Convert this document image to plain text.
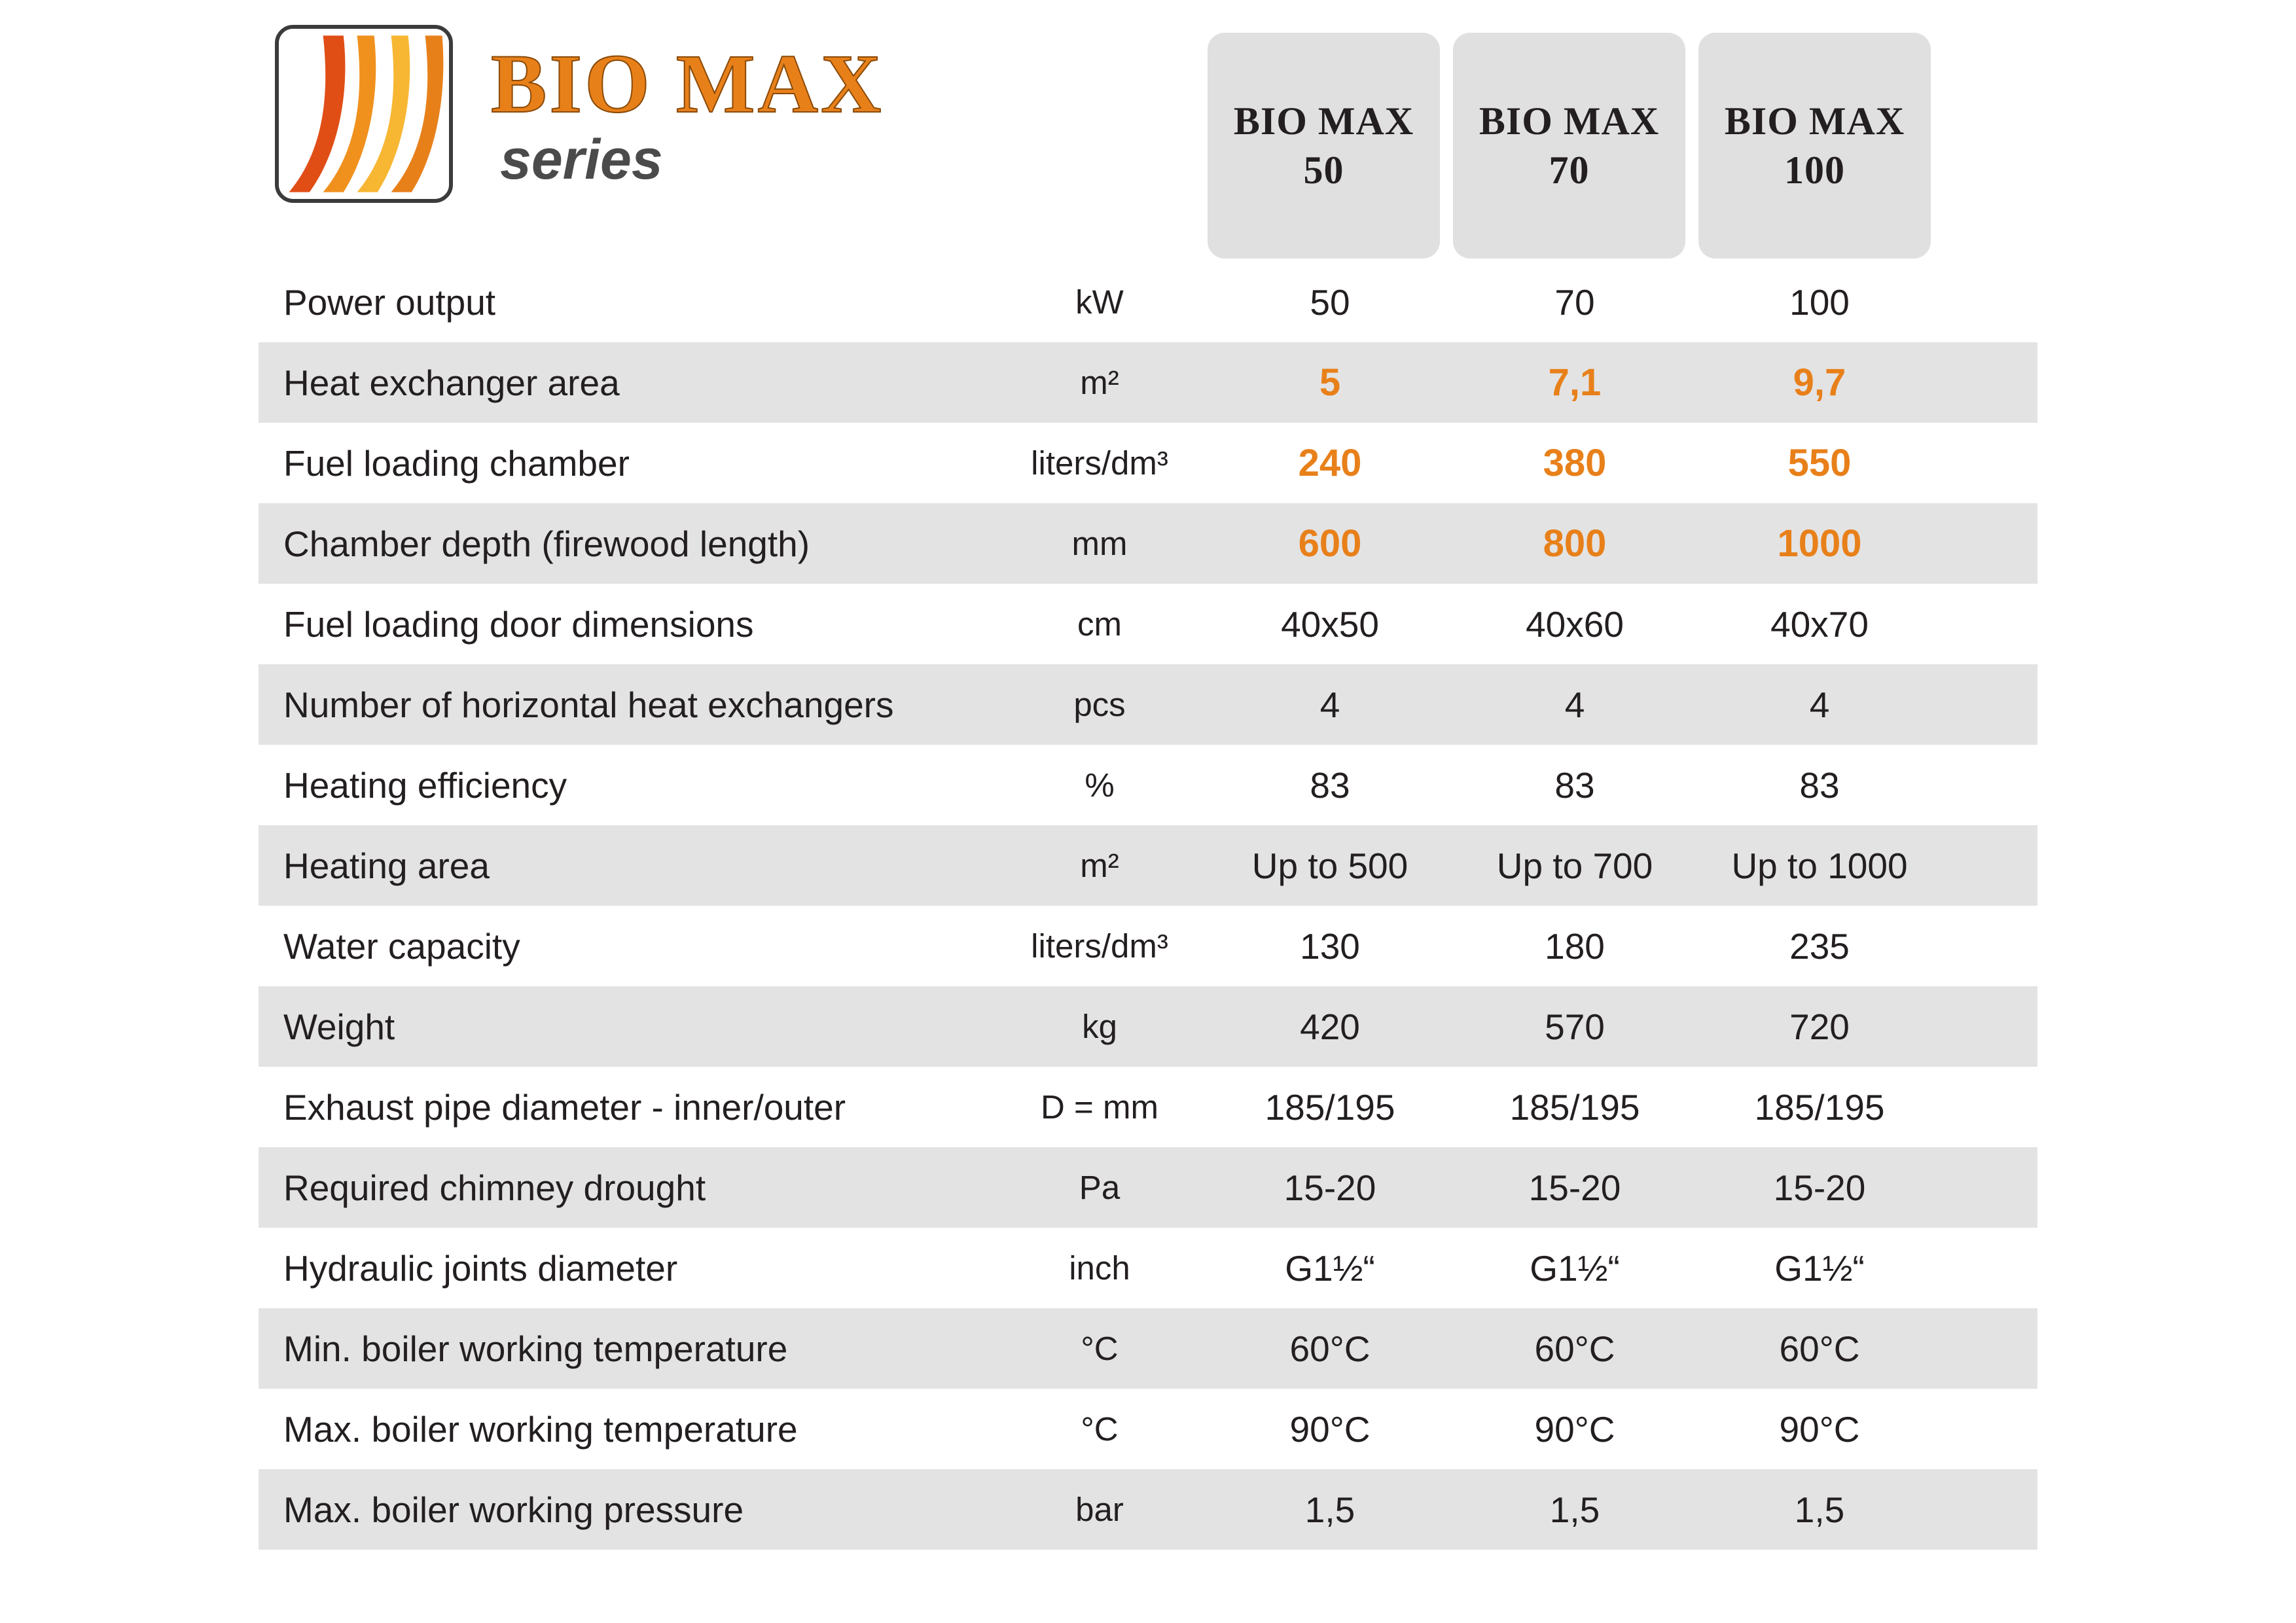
BIO MAX
series
BIO MAX
50
BIO MAX
70
BIO MAX
100
Power output	kW	50	70	100
Heat exchanger area	m²	5	7,1	9,7
Fuel loading chamber	liters/dm³	240	380	550
Chamber depth (firewood length)	mm	600	800	1000
Fuel loading door dimensions	cm	40x50	40x60	40x70
Number of horizontal heat exchangers	pcs	4	4	4
Heating efficiency	%	83	83	83
Heating area	m²	Up to 500	Up to 700	Up to 1000
Water capacity	liters/dm³	130	180	235
Weight	kg	420	570	720
Exhaust pipe diameter - inner/outer	D = mm	185/195	185/195	185/195
Required chimney drought	Pa	15-20	15-20	15-20
Hydraulic joints diameter	inch	G1½“	G1½“	G1½“
Min. boiler working temperature	°C	60°C	60°C	60°C
Max. boiler working temperature	°C	90°C	90°C	90°C
Max. boiler working pressure	bar	1,5	1,5	1,5
